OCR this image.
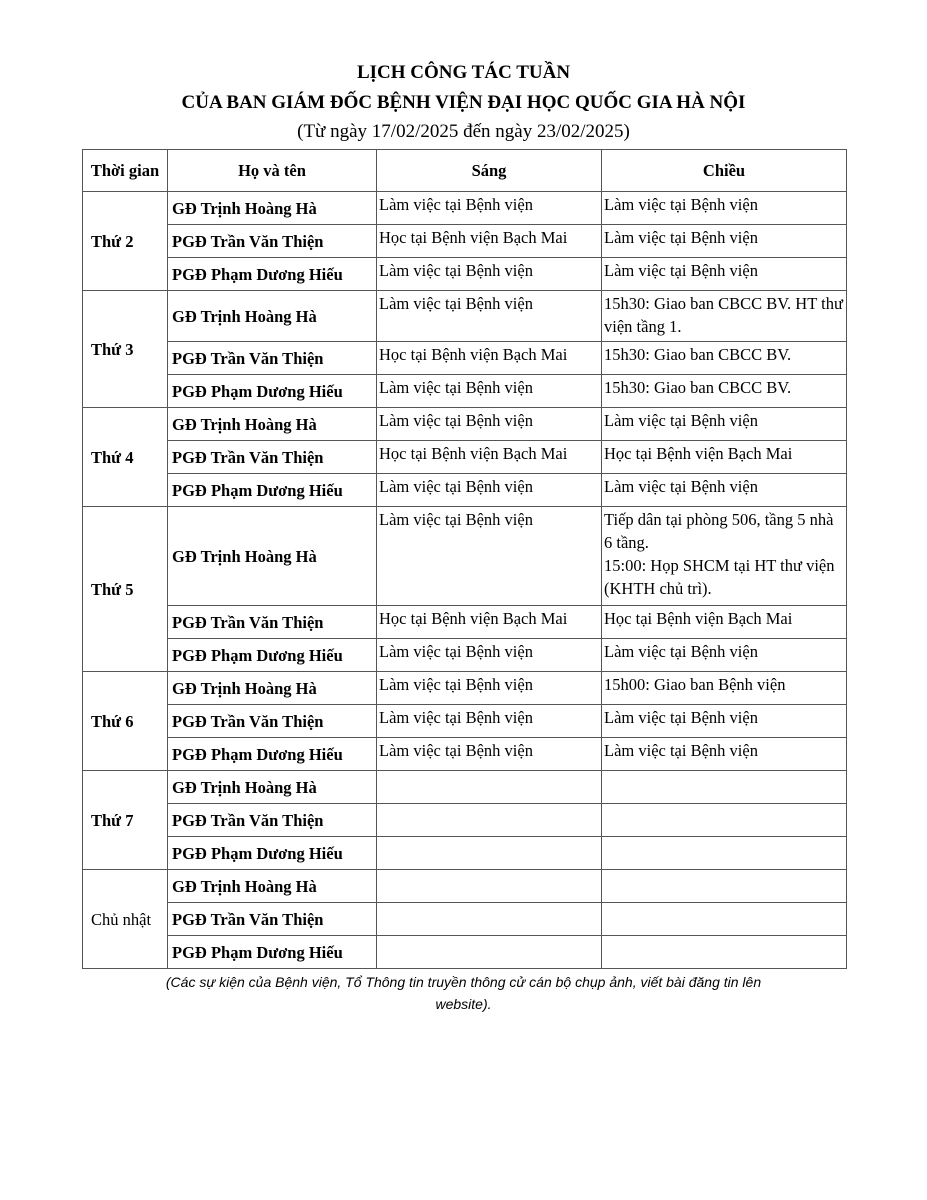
LỊCH CÔNG TÁC TUẦN
CỦA BAN GIÁM ĐỐC BỆNH VIỆN ĐẠI HỌC QUỐC GIA HÀ NỘI
(Từ ngày 17/02/2025 đến ngày 23/02/2025)
Thời gian	Họ và tên	Sáng	Chiều
Thứ 2	GĐ Trịnh Hoàng Hà	Làm việc tại Bệnh viện	Làm việc tại Bệnh viện
	PGĐ Trần Văn Thiện	Học tại Bệnh viện Bạch Mai	Làm việc tại Bệnh viện
	PGĐ Phạm Dương Hiếu	Làm việc tại Bệnh viện	Làm việc tại Bệnh viện
Thứ 3	GĐ Trịnh Hoàng Hà	Làm việc tại Bệnh viện	15h30: Giao ban CBCC BV. HT thư viện tầng 1.
	PGĐ Trần Văn Thiện	Học tại Bệnh viện Bạch Mai	15h30: Giao ban CBCC BV.
	PGĐ Phạm Dương Hiếu	Làm việc tại Bệnh viện	15h30: Giao ban CBCC BV.
Thứ 4	GĐ Trịnh Hoàng Hà	Làm việc tại Bệnh viện	Làm việc tại Bệnh viện
	PGĐ Trần Văn Thiện	Học tại Bệnh viện Bạch Mai	Học tại Bệnh viện Bạch Mai
	PGĐ Phạm Dương Hiếu	Làm việc tại Bệnh viện	Làm việc tại Bệnh viện
Thứ 5	GĐ Trịnh Hoàng Hà	Làm việc tại Bệnh viện	Tiếp dân tại phòng 506, tầng 5 nhà 6 tầng.
15:00: Họp SHCM tại HT thư viện (KHTH chủ trì).
	PGĐ Trần Văn Thiện	Học tại Bệnh viện Bạch Mai	Học tại Bệnh viện Bạch Mai
	PGĐ Phạm Dương Hiếu	Làm việc tại Bệnh viện	Làm việc tại Bệnh viện
Thứ 6	GĐ Trịnh Hoàng Hà	Làm việc tại Bệnh viện	15h00: Giao ban Bệnh viện
	PGĐ Trần Văn Thiện	Làm việc tại Bệnh viện	Làm việc tại Bệnh viện
	PGĐ Phạm Dương Hiếu	Làm việc tại Bệnh viện	Làm việc tại Bệnh viện
Thứ 7	GĐ Trịnh Hoàng Hà		
	PGĐ Trần Văn Thiện		
	PGĐ Phạm Dương Hiếu		
Chủ nhật	GĐ Trịnh Hoàng Hà		
	PGĐ Trần Văn Thiện		
	PGĐ Phạm Dương Hiếu		
(Các sự kiện của Bệnh viện, Tổ Thông tin truyền thông cử cán bộ chụp ảnh, viết bài đăng tin lên
website).
